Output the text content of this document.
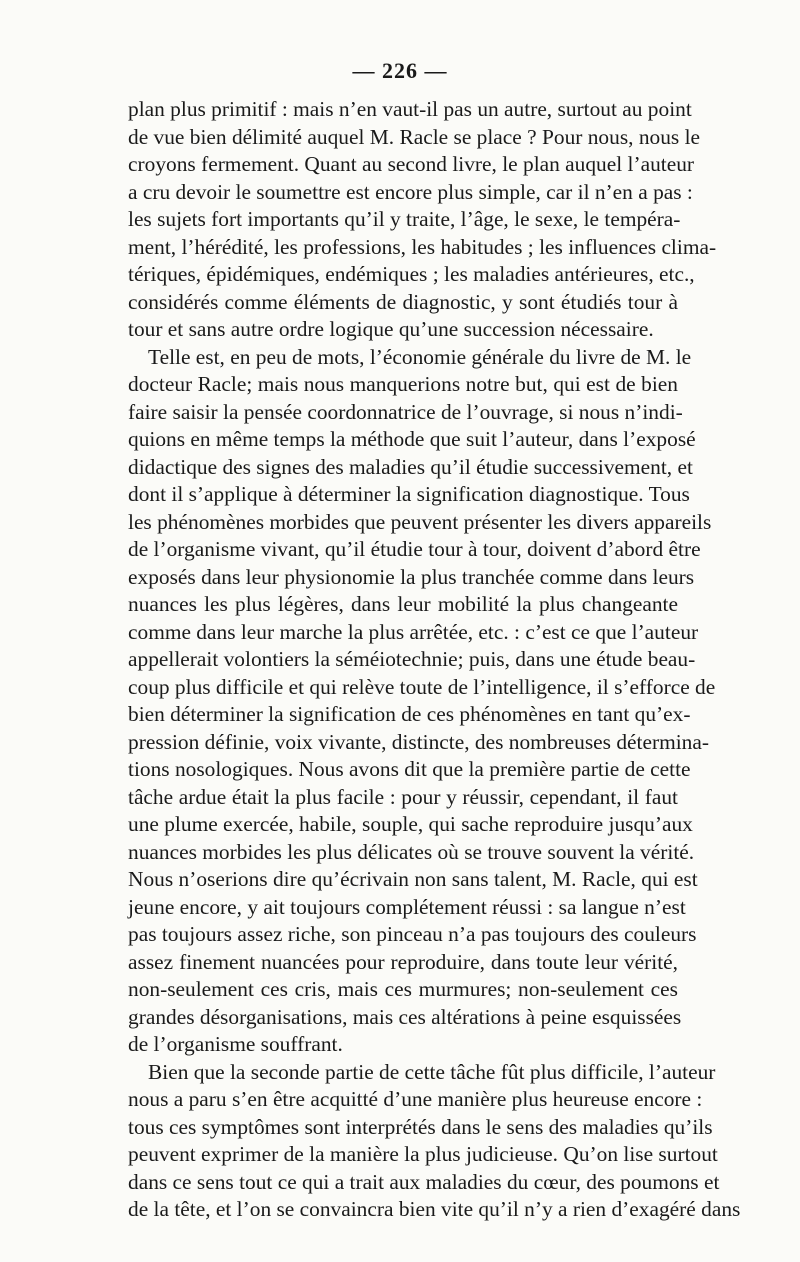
— 226 —
plan plus primitif : mais n’en vaut-il pas un autre, surtout au point
de vue bien délimité auquel M. Racle se place ? Pour nous, nous le
croyons fermement. Quant au second livre, le plan auquel l’auteur
a cru devoir le soumettre est encore plus simple, car il n’en a pas :
les sujets fort importants qu’il y traite, l’âge, le sexe, le tempéra-
ment, l’hérédité, les professions, les habitudes ; les influences clima-
tériques, épidémiques, endémiques ; les maladies antérieures, etc.,
considérés comme éléments de diagnostic, y sont étudiés tour à
tour et sans autre ordre logique qu’une succession nécessaire.
Telle est, en peu de mots, l’économie générale du livre de M. le
docteur Racle; mais nous manquerions notre but, qui est de bien
faire saisir la pensée coordonnatrice de l’ouvrage, si nous n’indi-
quions en même temps la méthode que suit l’auteur, dans l’exposé
didactique des signes des maladies qu’il étudie successivement, et
dont il s’applique à déterminer la signification diagnostique. Tous
les phénomènes morbides que peuvent présenter les divers appareils
de l’organisme vivant, qu’il étudie tour à tour, doivent d’abord être
exposés dans leur physionomie la plus tranchée comme dans leurs
nuances les plus légères, dans leur mobilité la plus changeante
comme dans leur marche la plus arrêtée, etc. : c’est ce que l’auteur
appellerait volontiers la séméiotechnie; puis, dans une étude beau-
coup plus difficile et qui relève toute de l’intelligence, il s’efforce de
bien déterminer la signification de ces phénomènes en tant qu’ex-
pression définie, voix vivante, distincte, des nombreuses détermina-
tions nosologiques. Nous avons dit que la première partie de cette
tâche ardue était la plus facile : pour y réussir, cependant, il faut
une plume exercée, habile, souple, qui sache reproduire jusqu’aux
nuances morbides les plus délicates où se trouve souvent la vérité.
Nous n’oserions dire qu’écrivain non sans talent, M. Racle, qui est
jeune encore, y ait toujours complétement réussi : sa langue n’est
pas toujours assez riche, son pinceau n’a pas toujours des couleurs
assez finement nuancées pour reproduire, dans toute leur vérité,
non-seulement ces cris, mais ces murmures; non-seulement ces
grandes désorganisations, mais ces altérations à peine esquissées
de l’organisme souffrant.
Bien que la seconde partie de cette tâche fût plus difficile, l’auteur
nous a paru s’en être acquitté d’une manière plus heureuse encore :
tous ces symptômes sont interprétés dans le sens des maladies qu’ils
peuvent exprimer de la manière la plus judicieuse. Qu’on lise surtout
dans ce sens tout ce qui a trait aux maladies du cœur, des poumons et
de la tête, et l’on se convaincra bien vite qu’il n’y a rien d’exagéré dans
